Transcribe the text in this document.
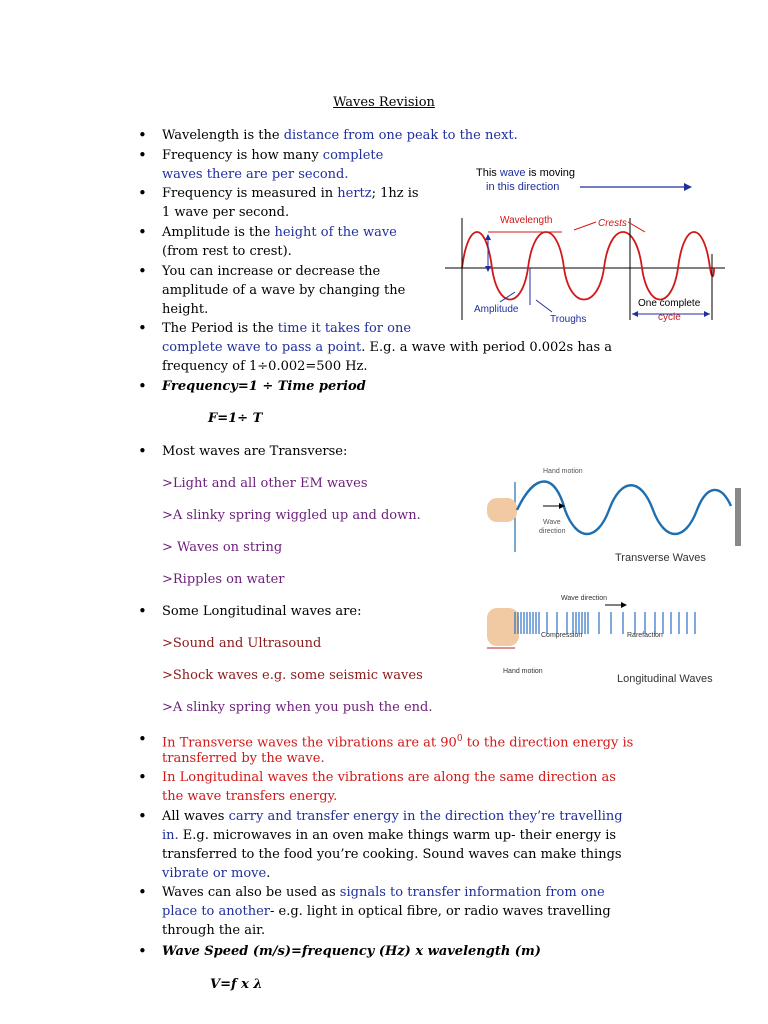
Waves Revision
• Wavelength is the distance from one peak to the next.
• Frequency is how many complete
waves there are per second.
• Frequency is measured in hertz; 1hz is
1 wave per second.
• Amplitude is the height of the wave
(from rest to crest).
• You can increase or decrease the
amplitude of a wave by changing the
height.
• The Period is the time it takes for one
complete wave to pass a point. E.g. a wave with period 0.002s has a
frequency of 1÷0.002=500 Hz.
• Frequency=1 ÷ Time period
F=1÷ T
• Most waves are Transverse:
>Light and all other EM waves
>A slinky spring wiggled up and down.
> Waves on string
>Ripples on water
• Some Longitudinal waves are:
>Sound and Ultrasound
>Shock waves e.g. some seismic waves
>A slinky spring when you push the end.
• In Transverse waves the vibrations are at $90^0$ to the direction energy is
transferred by the wave.
• In Longitudinal waves the vibrations are along the same direction as
the wave transfers energy.
• All waves carry and transfer energy in the direction they’re travelling
in. E.g. microwaves in an oven make things warm up- their energy is
transferred to the food you’re cooking. Sound waves can make things
vibrate or move.
• Waves can also be used as signals to transfer information from one
place to another- e.g. light in optical fibre, or radio waves travelling
through the air.
• Wave Speed (m/s)=frequency (Hz) x wavelength (m)
V=f x λ
This wave is moving
in this direction
Wavelength	Crests
Amplitude
Troughs
One complete
cycle
Hand motion
Wave
direction
Transverse Waves
Wave direction
Compression	Rarefaction
Hand motion
Longitudinal Waves
